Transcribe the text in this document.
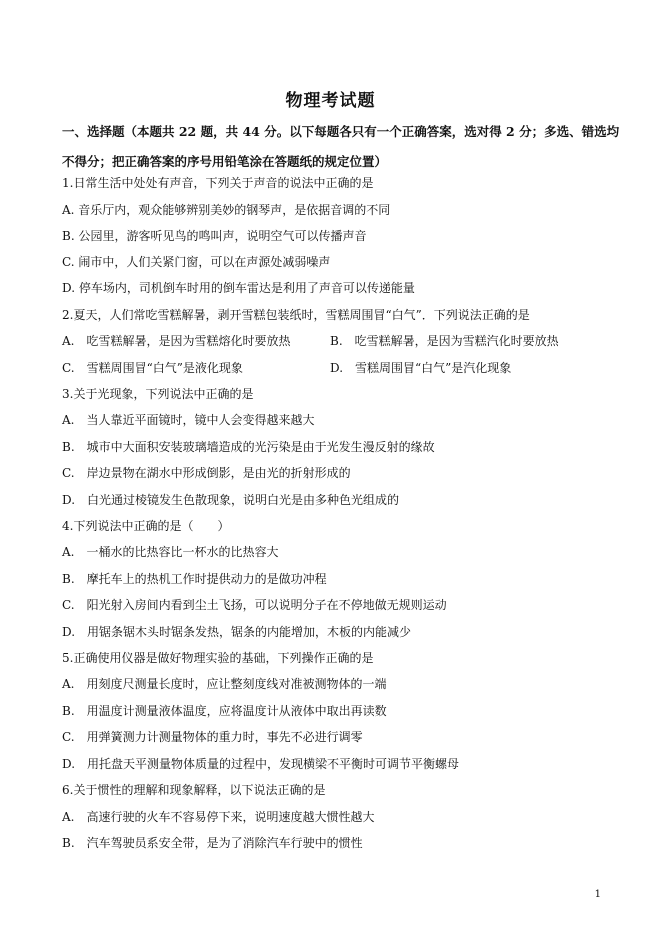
物理考试题
一、选择题（本题共 22 题，共 44 分。以下每题各只有一个正确答案，选对得 2 分；多选、错选均不得分；把正确答案的序号用铅笔涂在答题纸的规定位置）
1.日常生活中处处有声音，下列关于声音的说法中正确的是
A. 音乐厅内，观众能够辨别美妙的钢琴声，是依据音调的不同
B. 公园里，游客听见鸟的鸣叫声，说明空气可以传播声音
C. 闹市中，人们关紧门窗，可以在声源处减弱噪声
D. 停车场内，司机倒车时用的倒车雷达是利用了声音可以传递能量
2.夏天，人们常吃雪糕解暑，剥开雪糕包装纸时，雪糕周围冒“白气”．下列说法正确的是
A.　吃雪糕解暑，是因为雪糕熔化时要放热	B.　吃雪糕解暑，是因为雪糕汽化时要放热
C.　雪糕周围冒“白气”是液化现象	D.　雪糕周围冒“白气”是汽化现象
3.关于光现象，下列说法中正确的是
A.　当人靠近平面镜时，镜中人会变得越来越大
B.　城市中大面积安装玻璃墙造成的光污染是由于光发生漫反射的缘故
C.　岸边景物在湖水中形成倒影，是由光的折射形成的
D.　白光通过棱镜发生色散现象，说明白光是由多种色光组成的
4.下列说法中正确的是（　　）
A.　一桶水的比热容比一杯水的比热容大
B.　摩托车上的热机工作时提供动力的是做功冲程
C.　阳光射入房间内看到尘土飞扬，可以说明分子在不停地做无规则运动
D.　用锯条锯木头时锯条发热，锯条的内能增加，木板的内能减少
5.正确使用仪器是做好物理实验的基础，下列操作正确的是
A.　用刻度尺测量长度时，应让整刻度线对准被测物体的一端
B.　用温度计测量液体温度，应将温度计从液体中取出再读数
C.　用弹簧测力计测量物体的重力时，事先不必进行调零
D.　用托盘天平测量物体质量的过程中，发现横梁不平衡时可调节平衡螺母
6.关于惯性的理解和现象解释，以下说法正确的是
A.　高速行驶的火车不容易停下来，说明速度越大惯性越大
B.　汽车驾驶员系安全带，是为了消除汽车行驶中的惯性
1
